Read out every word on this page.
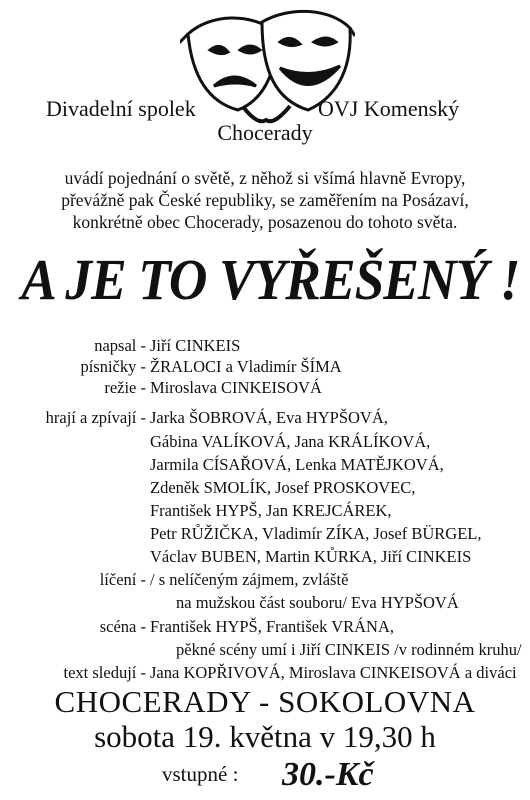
Divadelní spolek	OVJ Komenský
Chocerady
uvádí pojednání o světě, z něhož si všímá hlavně Evropy,
převážně pak České republiky, se zaměřením na Posázaví,
konkrétně obec Chocerady, posazenou do tohoto světa.
A JE TO VYŘEŠENÝ !
napsal - Jiří CINKEIS
písničky - ŽRALOCI a Vladimír ŠÍMA
režie - Miroslava CINKEISOVÁ
hrají a zpívají - Jarka ŠOBROVÁ, Eva HYPŠOVÁ,
Gábina VALÍKOVÁ, Jana KRÁLÍKOVÁ,
Jarmila CÍSAŘOVÁ, Lenka MATĚJKOVÁ,
Zdeněk SMOLÍK, Josef PROSKOVEC,
František HYPŠ, Jan KREJCÁREK,
Petr RŮŽIČKA, Vladimír ZÍKA, Josef BÜRGEL,
Václav BUBEN, Martin KŮRKA, Jiří CINKEIS
líčení - / s nelíčeným zájmem, zvláště
na mužskou část souboru/ Eva HYPŠOVÁ
scéna - František HYPŠ, František VRÁNA,
pěkné scény umí i Jiří CINKEIS /v rodinném kruhu/
text sledují - Jana KOPŘIVOVÁ, Miroslava CINKEISOVÁ a diváci
CHOCERADY - SOKOLOVNA
sobota 19. května v 19,30 h
vstupné : 30.-Kč
